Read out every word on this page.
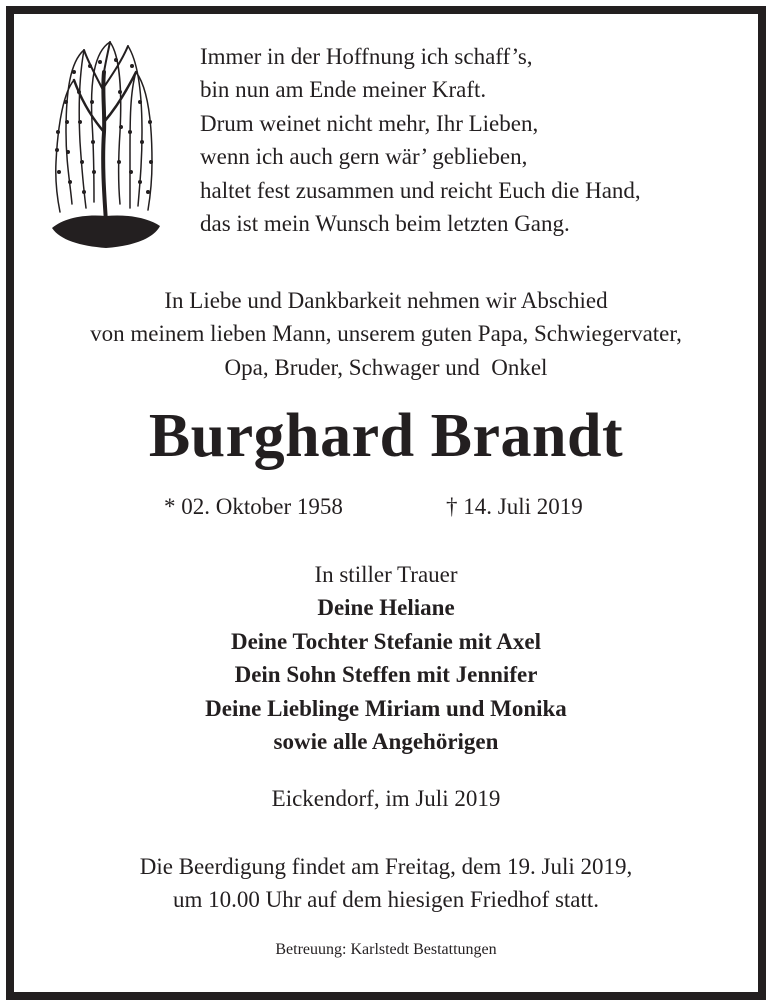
Immer in der Hoffnung ich schaff’s,
bin nun am Ende meiner Kraft.
Drum weinet nicht mehr, Ihr Lieben,
wenn ich auch gern wär’ geblieben,
haltet fest zusammen und reicht Euch die Hand,
das ist mein Wunsch beim letzten Gang.
In Liebe und Dankbarkeit nehmen wir Abschied
von meinem lieben Mann, unserem guten Papa, Schwiegervater,
Opa, Bruder, Schwager und  Onkel
Burghard Brandt
* 02. Oktober 1958	† 14. Juli 2019
In stiller Trauer
Deine Heliane
Deine Tochter Stefanie mit Axel
Dein Sohn Steffen mit Jennifer
Deine Lieblinge Miriam und Monika
sowie alle Angehörigen
Eickendorf, im Juli 2019
Die Beerdigung findet am Freitag, dem 19. Juli 2019,
um 10.00 Uhr auf dem hiesigen Friedhof statt.
Betreuung: Karlstedt Bestattungen
